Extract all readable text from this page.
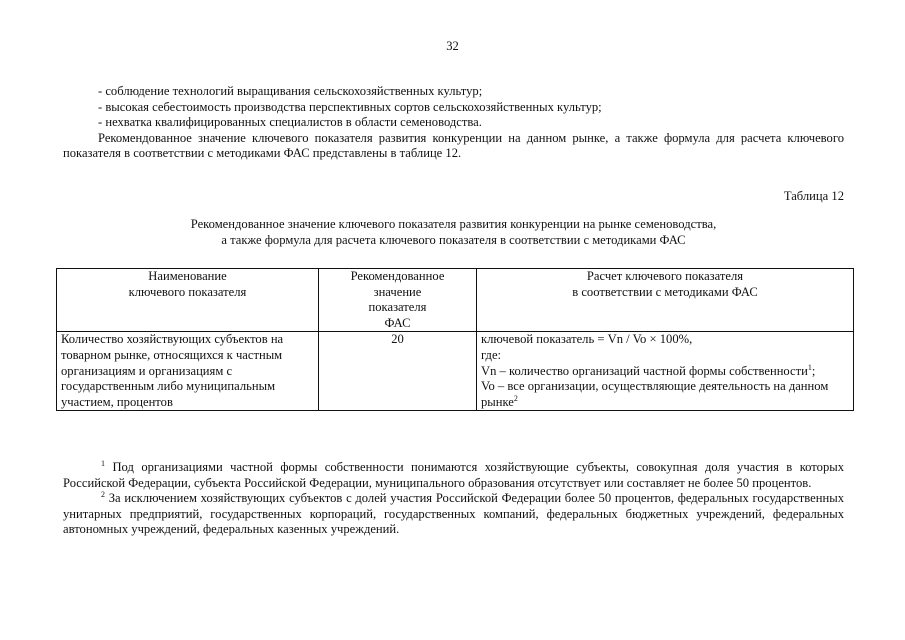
32

- соблюдение технологий выращивания сельскохозяйственных культур;

- высокая себестоимость производства перспективных сортов сельскохозяйственных культур;

- нехватка квалифицированных специалистов в области семеноводства.

Рекомендованное значение ключевого показателя развития конкуренции на данном рынке, а также формула для расчета ключевого показателя в соответствии с методиками ФАС представлены в таблице 12.

Таблица 12
Рекомендованное значение ключевого показателя развития конкуренции на рынке семеноводства,
а также формула для расчета ключевого показателя в соответствии с методиками ФАС
Наименование
ключевого показателя	Рекомендованное
значение
показателя
ФАС	Расчет ключевого показателя
в соответствии с методиками ФАС

Количество хозяйствующих субъектов на товарном рынке, относящихся к частным организациям и организациям с государственным либо муниципальным участием, процентов	20	ключевой показатель = Vn / Vo × 100%,
где:
Vn – количество организаций частной формы собственности$^1$;
Vo – все организации, осуществляющие деятельность на данном рынке$^2$

$^1$ Под организациями частной формы собственности понимаются хозяйствующие субъекты, совокупная доля участия в которых Российской Федерации, субъекта Российской Федерации, муниципального образования отсутствует или составляет не более 50 процентов.

$^2$ За исключением хозяйствующих субъектов с долей участия Российской Федерации более 50 процентов, федеральных государственных унитарных предприятий, государственных корпораций, государственных компаний, федеральных бюджетных учреждений, федеральных автономных учреждений, федеральных казенных учреждений.
